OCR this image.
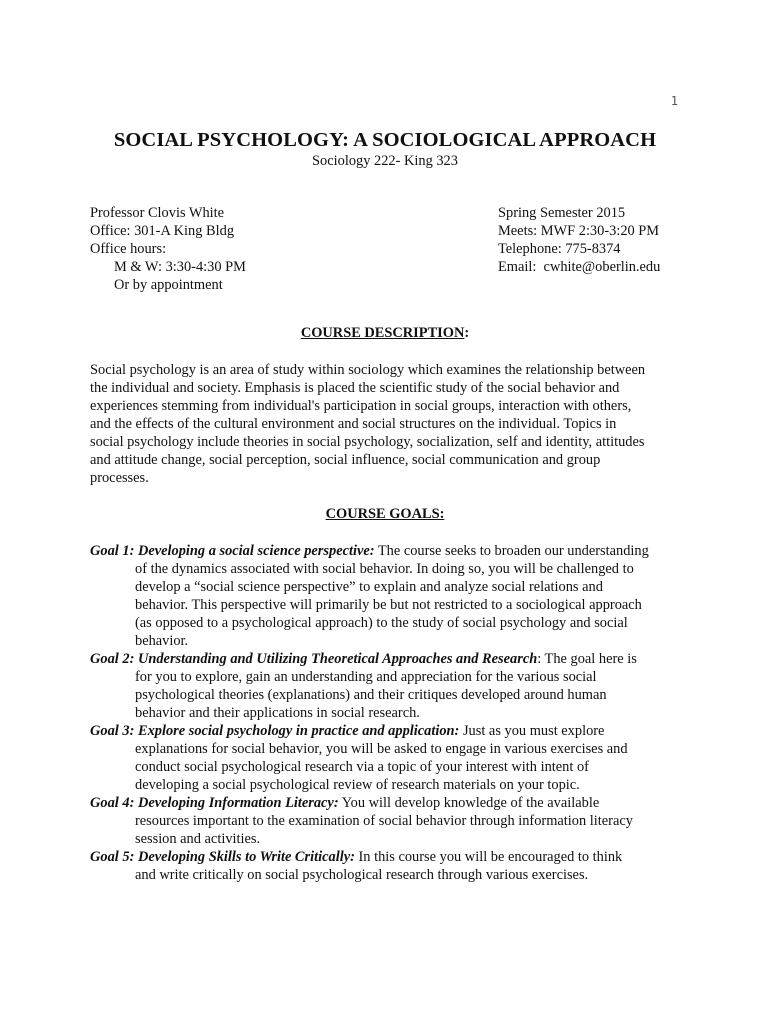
1
SOCIAL PSYCHOLOGY: A SOCIOLOGICAL APPROACH
Sociology 222- King 323
Professor Clovis White
Office: 301-A King Bldg
Office hours:
M & W: 3:30-4:30 PM
Or by appointment
Spring Semester 2015
Meets: MWF 2:30-3:20 PM
Telephone: 775-8374
Email:  cwhite@oberlin.edu
COURSE DESCRIPTION:
Social psychology is an area of study within sociology which examines the relationship between
the individual and society. Emphasis is placed the scientific study of the social behavior and
experiences stemming from individual's participation in social groups, interaction with others,
and the effects of the cultural environment and social structures on the individual. Topics in
social psychology include theories in social psychology, socialization, self and identity, attitudes
and attitude change, social perception, social influence, social communication and group
processes.
COURSE GOALS:
Goal 1: Developing a social science perspective: The course seeks to broaden our understanding
of the dynamics associated with social behavior. In doing so, you will be challenged to
develop a “social science perspective” to explain and analyze social relations and
behavior. This perspective will primarily be but not restricted to a sociological approach
(as opposed to a psychological approach) to the study of social psychology and social
behavior.
Goal 2: Understanding and Utilizing Theoretical Approaches and Research: The goal here is
for you to explore, gain an understanding and appreciation for the various social
psychological theories (explanations) and their critiques developed around human
behavior and their applications in social research.
Goal 3: Explore social psychology in practice and application: Just as you must explore
explanations for social behavior, you will be asked to engage in various exercises and
conduct social psychological research via a topic of your interest with intent of
developing a social psychological review of research materials on your topic.
Goal 4: Developing Information Literacy: You will develop knowledge of the available
resources important to the examination of social behavior through information literacy
session and activities.
Goal 5: Developing Skills to Write Critically: In this course you will be encouraged to think
and write critically on social psychological research through various exercises.
